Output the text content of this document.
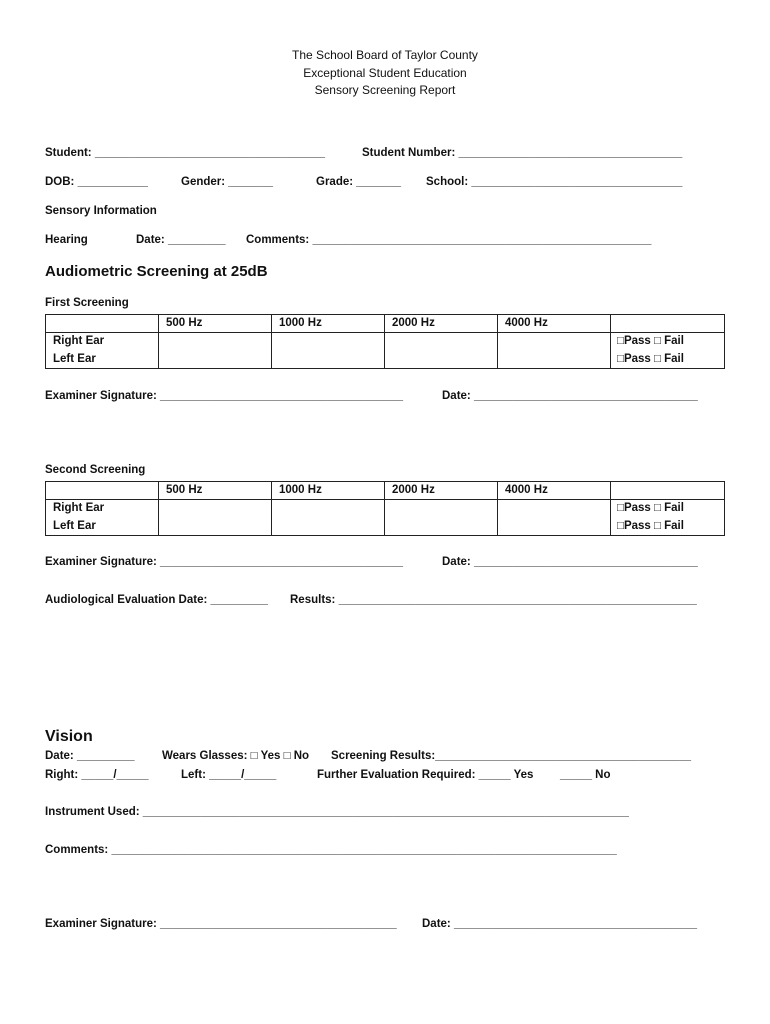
The School Board of Taylor County
Exceptional Student Education
Sensory Screening Report
Student: ____________________________________	Student Number: ___________________________________
DOB: ___________	Gender: _______	Grade: _______ School: _________________________________
Sensory Information
Hearing	Date: _________ Comments: _____________________________________________________
Audiometric Screening at 25dB
First Screening
	500 Hz	1000 Hz	2000 Hz	4000 Hz	
Right Ear					□Pass □ Fail
Left Ear					□Pass □ Fail
Examiner Signature: ______________________________________	Date: ___________________________________
Second Screening
	500 Hz	1000 Hz	2000 Hz	4000 Hz	
Right Ear					□Pass □ Fail
Left Ear					□Pass □ Fail
Examiner Signature: ______________________________________	Date: ___________________________________
Audiological Evaluation Date: _________ Results: ________________________________________________________
Vision
Date: _________ Wears Glasses: □ Yes □ No Screening Results:________________________________________
Right: _____/_____	Left: _____/_____	Further Evaluation Required: _____ Yes _____ No
Instrument Used: ____________________________________________________________________________
Comments: _______________________________________________________________________________
Examiner Signature: _____________________________________ Date: ______________________________________
